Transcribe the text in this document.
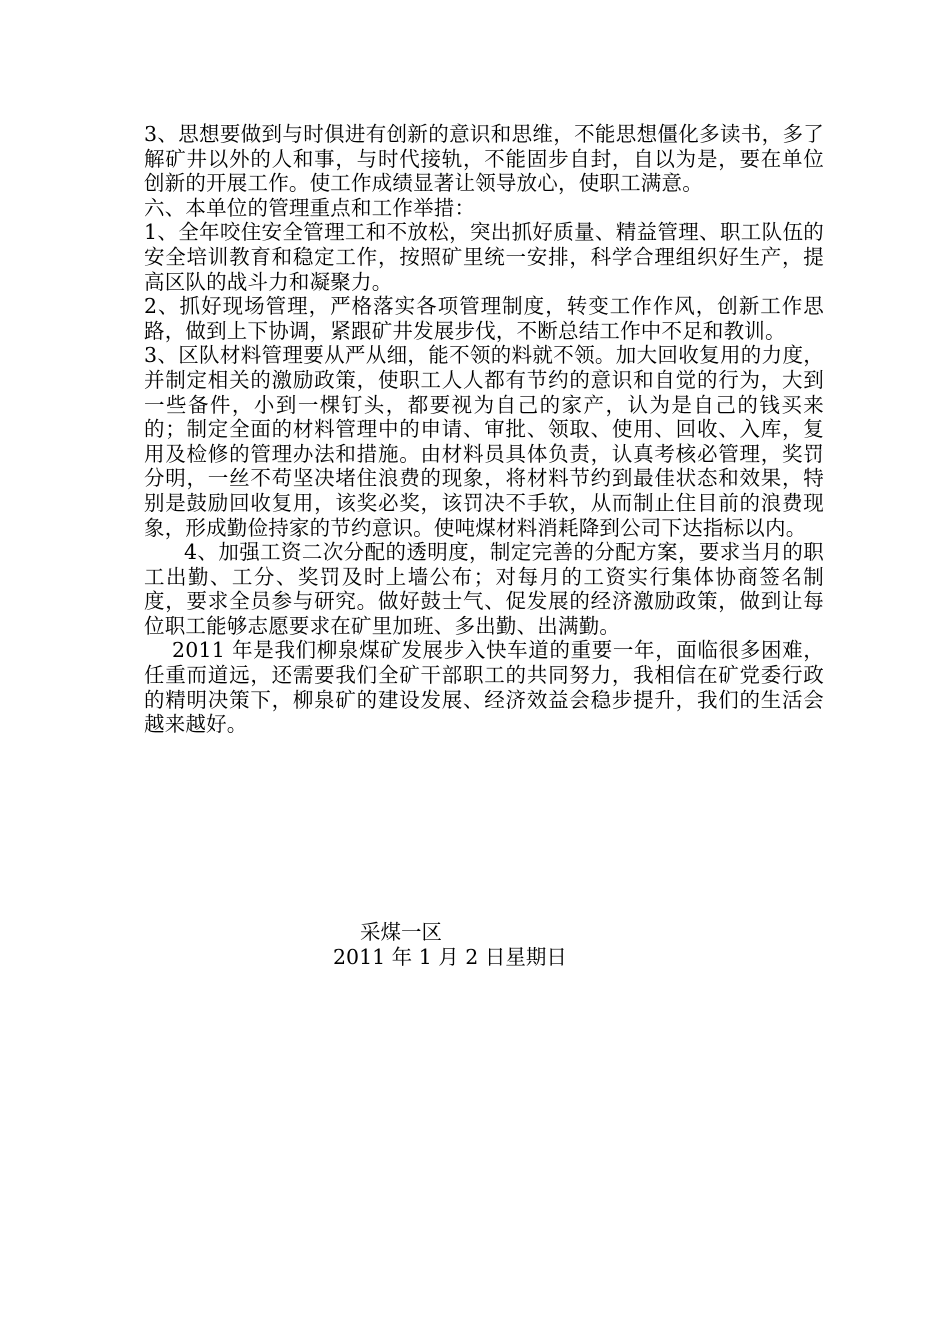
3、思想要做到与时俱进有创新的意识和思维，不能思想僵化多读书，多了解矿井以外的人和事，与时代接轨，不能固步自封，自以为是，要在单位创新的开展工作。使工作成绩显著让领导放心，使职工满意。

六、本单位的管理重点和工作举措：

1、全年咬住安全管理工和不放松，突出抓好质量、精益管理、职工队伍的安全培训教育和稳定工作，按照矿里统一安排，科学合理组织好生产，提高区队的战斗力和凝聚力。

2、抓好现场管理，严格落实各项管理制度，转变工作作风，创新工作思路，做到上下协调，紧跟矿井发展步伐，不断总结工作中不足和教训。

3、区队材料管理要从严从细，能不领的料就不领。加大回收复用的力度，并制定相关的激励政策，使职工人人都有节约的意识和自觉的行为，大到一些备件，小到一棵钉头，都要视为自己的家产，认为是自己的钱买来的；制定全面的材料管理中的申请、审批、领取、使用、回收、入库，复用及检修的管理办法和措施。由材料员具体负责，认真考核必管理，奖罚分明，一丝不苟坚决堵住浪费的现象，将材料节约到最佳状态和效果，特别是鼓励回收复用，该奖必奖，该罚决不手软，从而制止住目前的浪费现象，形成勤俭持家的节约意识。使吨煤材料消耗降到公司下达指标以内。

4、加强工资二次分配的透明度，制定完善的分配方案，要求当月的职工出勤、工分、奖罚及时上墙公布；对每月的工资实行集体协商签名制度，要求全员参与研究。做好鼓士气、促发展的经济激励政策，做到让每位职工能够志愿要求在矿里加班、多出勤、出满勤。

2011 年是我们柳泉煤矿发展步入快车道的重要一年，面临很多困难，任重而道远，还需要我们全矿干部职工的共同努力，我相信在矿党委行政的精明决策下，柳泉矿的建设发展、经济效益会稳步提升，我们的生活会越来越好。

采煤一区
2011 年 1 月 2 日星期日
